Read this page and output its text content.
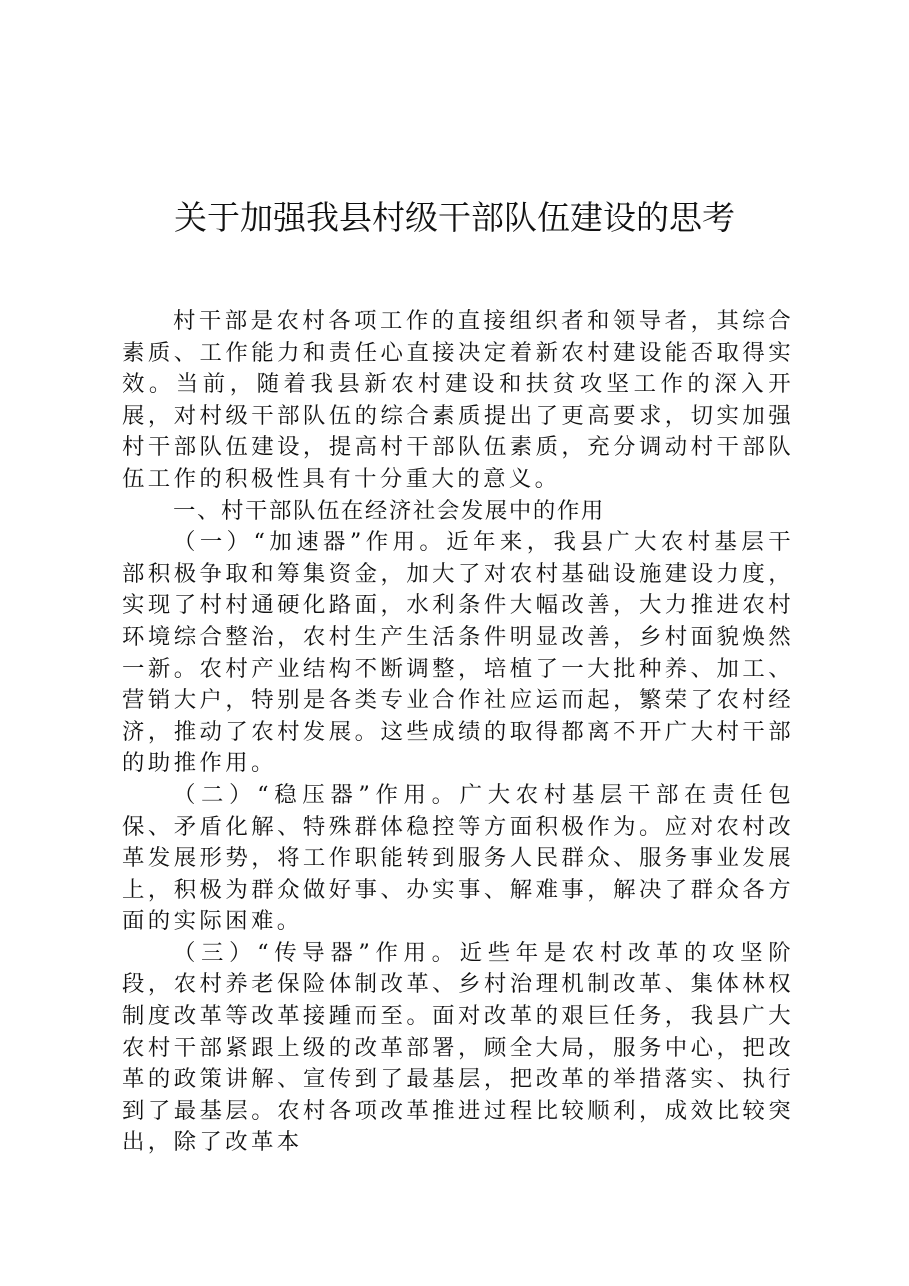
关于加强我县村级干部队伍建设的思考

村干部是农村各项工作的直接组织者和领导者，其综合素质、工作能力和责任心直接决定着新农村建设能否取得实效。当前，随着我县新农村建设和扶贫攻坚工作的深入开展，对村级干部队伍的综合素质提出了更高要求，切实加强村干部队伍建设，提高村干部队伍素质，充分调动村干部队伍工作的积极性具有十分重大的意义。

一、村干部队伍在经济社会发展中的作用

（一）“加速器”作用。近年来，我县广大农村基层干部积极争取和筹集资金，加大了对农村基础设施建设力度，实现了村村通硬化路面，水利条件大幅改善，大力推进农村环境综合整治，农村生产生活条件明显改善，乡村面貌焕然一新。农村产业结构不断调整，培植了一大批种养、加工、营销大户，特别是各类专业合作社应运而起，繁荣了农村经济，推动了农村发展。这些成绩的取得都离不开广大村干部的助推作用。

（二）“稳压器”作用。广大农村基层干部在责任包保、矛盾化解、特殊群体稳控等方面积极作为。应对农村改革发展形势，将工作职能转到服务人民群众、服务事业发展上，积极为群众做好事、办实事、解难事，解决了群众各方面的实际困难。

（三）“传导器”作用。近些年是农村改革的攻坚阶段，农村养老保险体制改革、乡村治理机制改革、集体林权制度改革等改革接踵而至。面对改革的艰巨任务，我县广大农村干部紧跟上级的改革部署，顾全大局，服务中心，把改革的政策讲解、宣传到了最基层，把改革的举措落实、执行到了最基层。农村各项改革推进过程比较顺利，成效比较突出，除了改革本
